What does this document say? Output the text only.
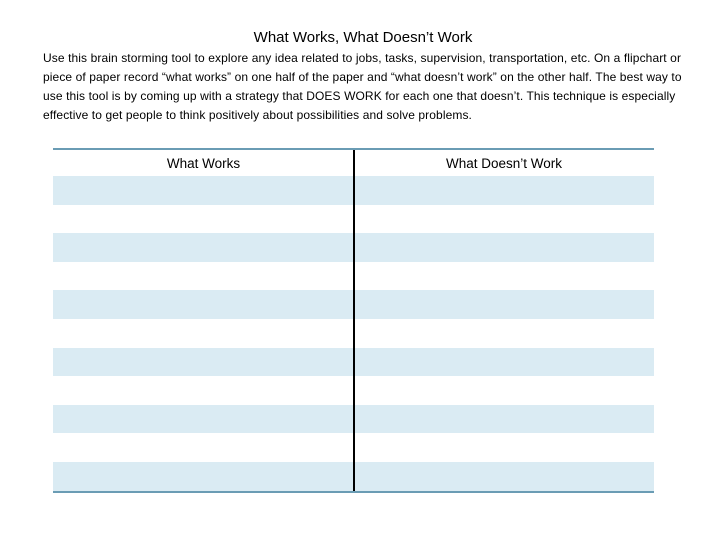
What Works, What Doesn’t Work
Use this brain storming tool to explore any idea related to jobs, tasks, supervision, transportation, etc. On a flipchart or piece of paper record “what works” on one half of the paper and “what doesn’t work” on the other half. The best way to use this tool is by coming up with a strategy that DOES WORK for each one that doesn’t. This technique is especially effective to get people to think positively about possibilities and solve problems.
What Works	What Doesn’t Work
